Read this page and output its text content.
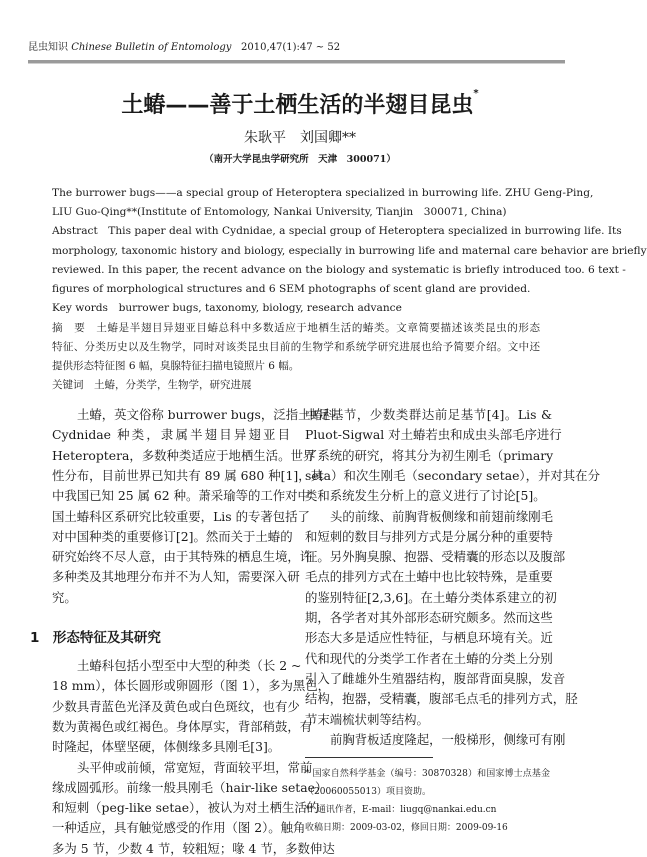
昆虫知识 Chinese Bulletin of Entomology 2010,47(1):47 ~ 52
土蝽——善于土栖生活的半翅目昆虫*
朱耿平　刘国卿**
（南开大学昆虫学研究所　天津　300071）
The burrower bugs——a special group of Heteroptera specialized in burrowing life. ZHU Geng-Ping,
LIU Guo-Qing**(Institute of Entomology, Nankai University, Tianjin　300071, China)
Abstract　This paper deal with Cydnidae, a special group of Heteroptera specialized in burrowing life. Its
morphology, taxonomic history and biology, especially in burrowing life and maternal care behavior are briefly
reviewed. In this paper, the recent advance on the biology and systematic is briefly introduced too. 6 text -
figures of morphological structures and 6 SEM photographs of scent gland are provided.
Key words　burrower bugs, taxonomy, biology, research advance
摘　要　土蝽是半翅目异翅亚目蝽总科中多数适应于地栖生活的蝽类。文章简要描述该类昆虫的形态
特征、分类历史以及生物学，同时对该类昆虫目前的生物学和系统学研究进展也给予简要介绍。文中还
提供形态特征图 6 幅，臭腺特征扫描电镜照片 6 幅。
关键词　土蝽，分类学，生物学，研究进展
土蝽，英文俗称 burrower bugs，泛指土蝽科
Cydnidae 种类，隶属半翅目异翅亚目
Heteroptera，多数种类适应于地栖生活。世界
性分布，目前世界已知共有 89 属 680 种[1]，其
中我国已知 25 属 62 种。萧采瑜等的工作对中
国土蝽科区系研究比较重要，Lis 的专著包括了
对中国种类的重要修订[2]。然而关于土蝽的
研究始终不尽人意，由于其特殊的栖息生境，许
多种类及其地理分布并不为人知，需要深入研
究。
1　形态特征及其研究
土蝽科包括小型至中大型的种类（长 2 ~
18 mm），体长圆形或卵圆形（图 1），多为黑色，
少数具青蓝色光泽及黄色或白色斑纹，也有少
数为黄褐色或红褐色。身体厚实，背部稍鼓，有
时隆起，体壁坚硬，体侧缘多具刚毛[3]。
头平伸或前倾，常宽短，背面较平坦，常前
缘成圆弧形。前缘一般具刚毛（hair-like setae）
和短刺（peg-like setae），被认为对土栖生活的
一种适应，具有触觉感受的作用（图 2）。触角
多为 5 节，少数 4 节，较粗短；喙 4 节，多数伸达
中足基节，少数类群达前足基节[4]。Lis &
Pluot-Sigwal 对土蝽若虫和成虫头部毛序进行
了系统的研究，将其分为初生刚毛（primary
seta）和次生刚毛（secondary setae），并对其在分
类和系统发生分析上的意义进行了讨论[5]。
头的前缘、前胸背板侧缘和前翅前缘刚毛
和短刺的数目与排列方式是分属分种的重要特
征。另外胸臭腺、抱器、受精囊的形态以及腹部
毛点的排列方式在土蝽中也比较特殊，是重要
的鉴别特征[2,3,6]。在土蝽分类体系建立的初
期，各学者对其外部形态研究颇多。然而这些
形态大多是适应性特征，与栖息环境有关。近
代和现代的分类学工作者在土蝽的分类上分别
引入了雌雄外生殖器结构，腹部背面臭腺，发音
结构，抱器，受精囊，腹部毛点毛的排列方式，胫
节末端梳状刺等结构。
前胸背板适度隆起，一般梯形，侧缘可有刚
* 国家自然科学基金（编号：30870328）和国家博士点基金
（20060055013）项目资助。
** 通讯作者，E-mail：liugq@nankai.edu.cn
收稿日期：2009-03-02，修回日期：2009-09-16
